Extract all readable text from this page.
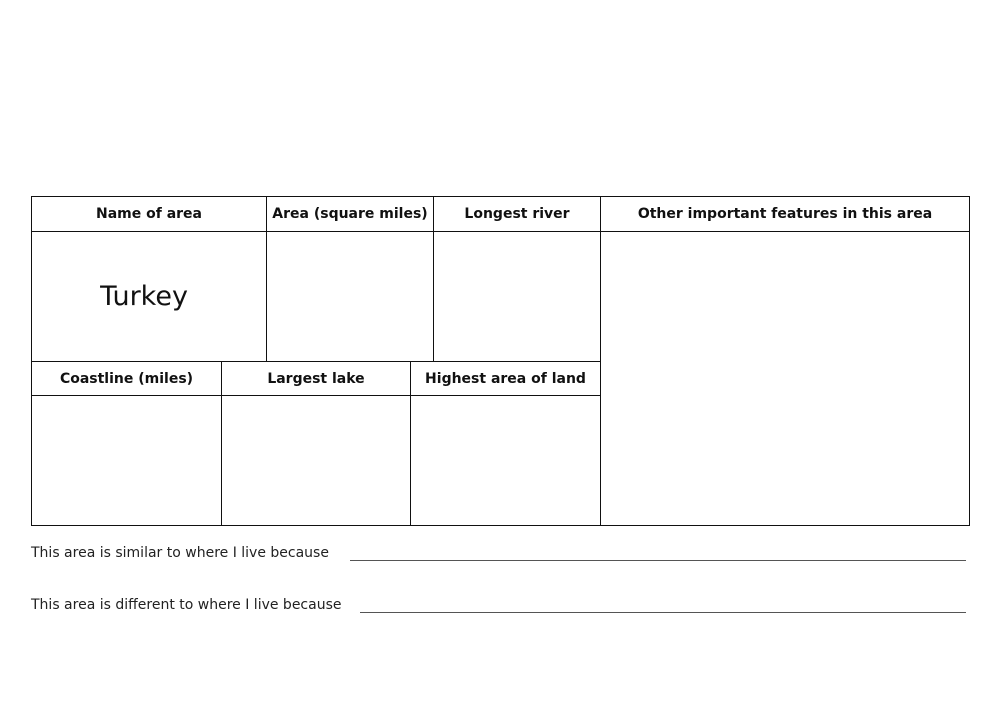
Name of area	Area (square miles)	Longest river	Other important features in this area
Turkey
Coastline (miles)	Largest lake	Highest area of land
This area is similar to where I live because
This area is different to where I live because
